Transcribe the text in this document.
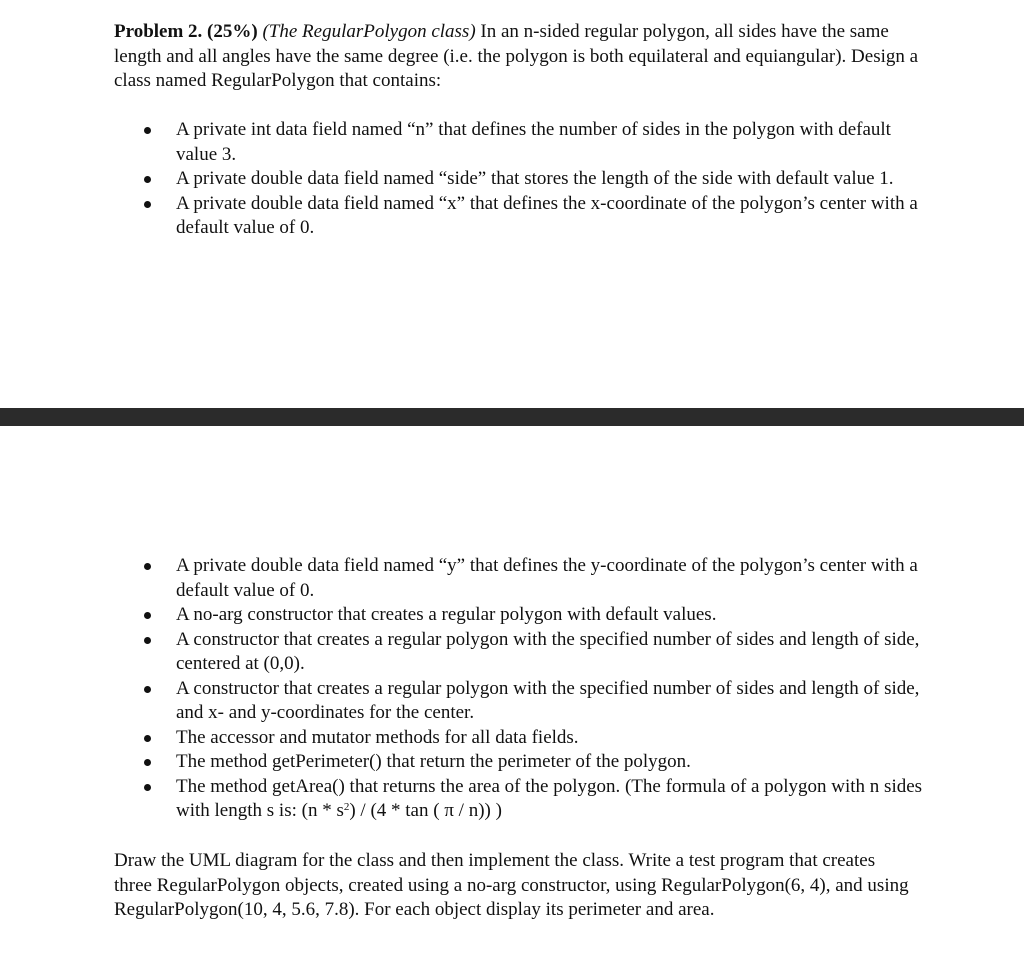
Problem 2. (25%) (The RegularPolygon class) In an n-sided regular polygon, all sides have the same length and all angles have the same degree (i.e. the polygon is both equilateral and equiangular). Design a class named RegularPolygon that contains:

A private int data field named “n” that defines the number of sides in the polygon with default value 3.
A private double data field named “side” that stores the length of the side with default value 1.
A private double data field named “x” that defines the x-coordinate of the polygon’s center with a default value of 0.
A private double data field named “y” that defines the y-coordinate of the polygon’s center with a default value of 0.
A no-arg constructor that creates a regular polygon with default values.
A constructor that creates a regular polygon with the specified number of sides and length of side, centered at (0,0).
A constructor that creates a regular polygon with the specified number of sides and length of side, and x- and y-coordinates for the center.
The accessor and mutator methods for all data fields.
The method getPerimeter() that return the perimeter of the polygon.
The method getArea() that returns the area of the polygon. (The formula of a polygon with n sides with length s is: $(n * s^2) / (4$ * tan ( π / n)) )

Draw the UML diagram for the class and then implement the class. Write a test program that creates three RegularPolygon objects, created using a no-arg constructor, using RegularPolygon(6, 4), and using RegularPolygon(10, 4, 5.6, 7.8). For each object display its perimeter and area.
